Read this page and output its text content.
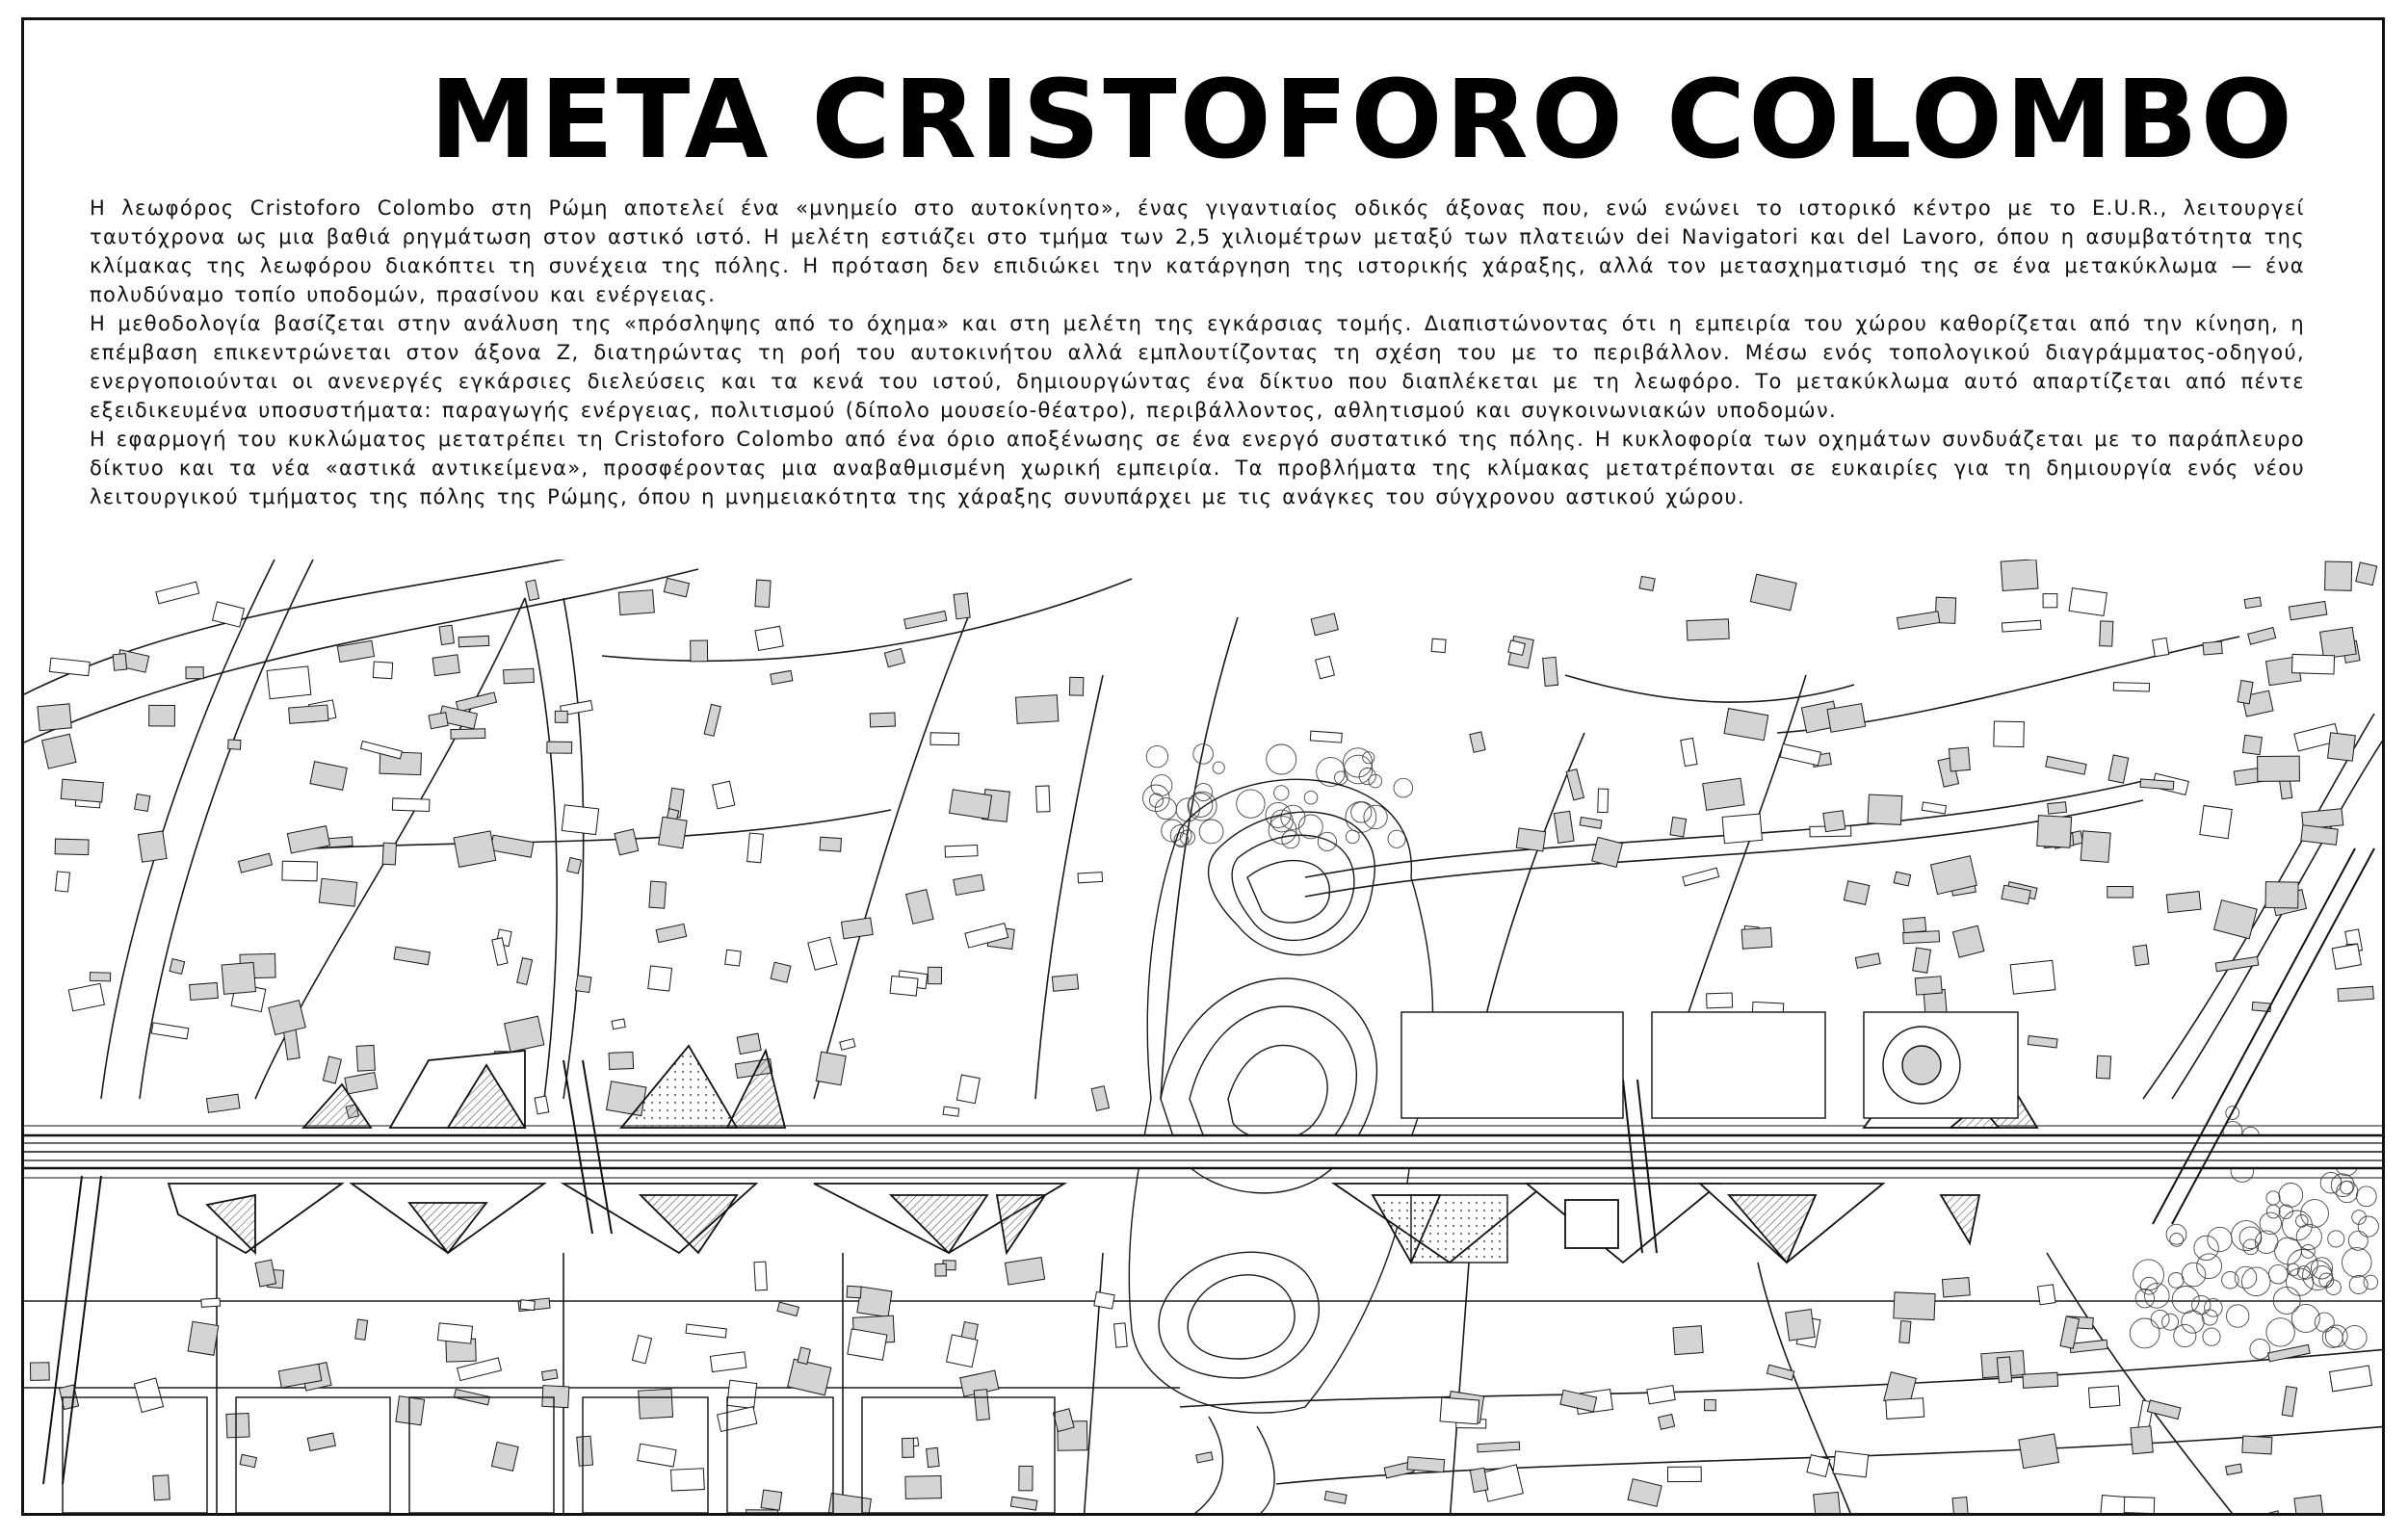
META CRISTOFORO COLOMBO

Η λεωφόρος Cristoforo Colombo στη Ρώμη αποτελεί ένα «μνημείο στο αυτοκίνητο», ένας γιγαντιαίος οδικός άξονας που, ενώ ενώνει το ιστορικό κέντρο με το E.U.R., λειτουργεί ταυτόχρονα ως μια βαθιά ρηγμάτωση στον αστικό ιστό. Η μελέτη εστιάζει στο τμήμα των 2,5 χιλιομέτρων μεταξύ των πλατειών dei Navigatori και del Lavoro, όπου η ασυμβατότητα της κλίμακας της λεωφόρου διακόπτει τη συνέχεια της πόλης. Η πρόταση δεν επιδιώκει την κατάργηση της ιστορικής χάραξης, αλλά τον μετασχηματισμό της σε ένα μετακύκλωμα — ένα πολυδύναμο τοπίο υποδομών, πρασίνου και ενέργειας.

Η μεθοδολογία βασίζεται στην ανάλυση της «πρόσληψης από το όχημα» και στη μελέτη της εγκάρσιας τομής. Διαπιστώνοντας ότι η εμπειρία του χώρου καθορίζεται από την κίνηση, η επέμβαση επικεντρώνεται στον άξονα Z, διατηρώντας τη ροή του αυτοκινήτου αλλά εμπλουτίζοντας τη σχέση του με το περιβάλλον. Μέσω ενός τοπολογικού διαγράμματος-οδηγού, ενεργοποιούνται οι ανενεργές εγκάρσιες διελεύσεις και τα κενά του ιστού, δημιουργώντας ένα δίκτυο που διαπλέκεται με τη λεωφόρο. Το μετακύκλωμα αυτό απαρτίζεται από πέντε εξειδικευμένα υποσυστήματα: παραγωγής ενέργειας, πολιτισμού (δίπολο μουσείο-θέατρο), περιβάλλοντος, αθλητισμού και συγκοινωνιακών υποδομών.

Η εφαρμογή του κυκλώματος μετατρέπει τη Cristoforo Colombo από ένα όριο αποξένωσης σε ένα ενεργό συστατικό της πόλης. Η κυκλοφορία των οχημάτων συνδυάζεται με το παράπλευρο δίκτυο και τα νέα «αστικά αντικείμενα», προσφέροντας μια αναβαθμισμένη χωρική εμπειρία. Τα προβλήματα της κλίμακας μετατρέπονται σε ευκαιρίες για τη δημιουργία ενός νέου λειτουργικού τμήματος της πόλης της Ρώμης, όπου η μνημειακότητα της χάραξης συνυπάρχει με τις ανάγκες του σύγχρονου αστικού χώρου.
